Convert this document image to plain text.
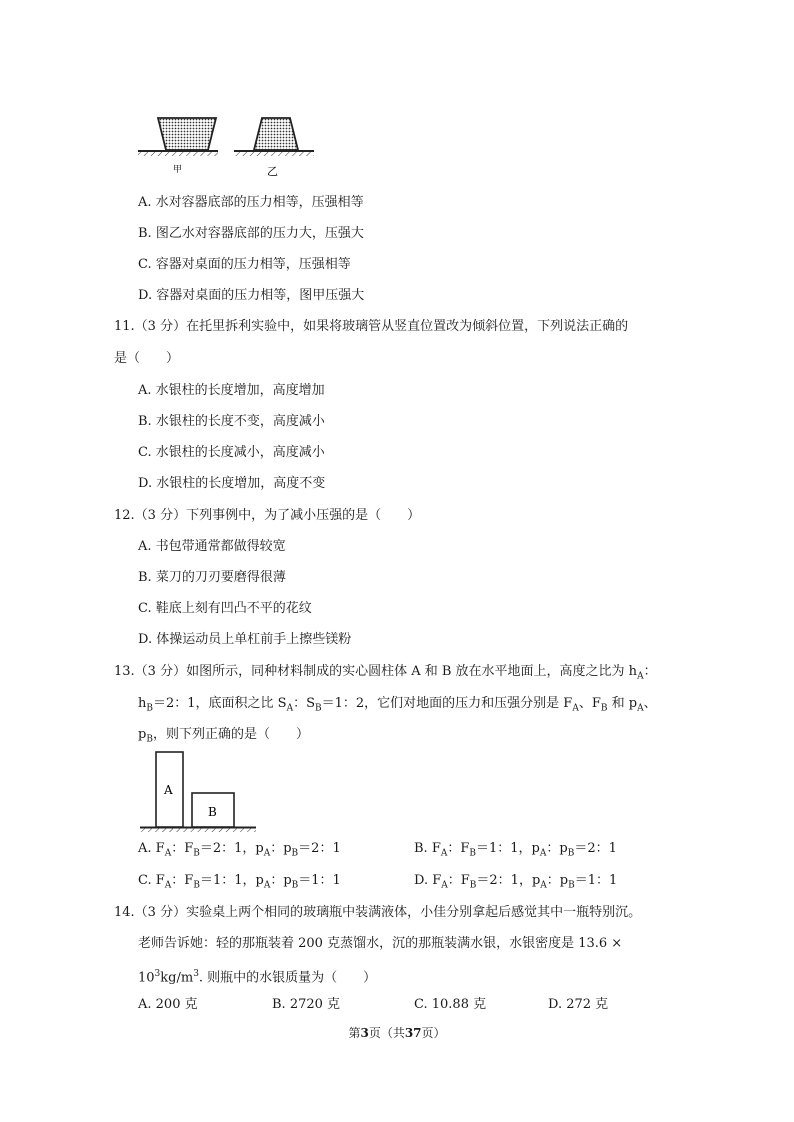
甲	乙
A. 水对容器底部的压力相等，压强相等
B. 图乙水对容器底部的压力大，压强大
C. 容器对桌面的压力相等，压强相等
D. 容器对桌面的压力相等，图甲压强大
11.（3 分）在托里拆利实验中，如果将玻璃管从竖直位置改为倾斜位置，下列说法正确的
是（　　）
A. 水银柱的长度增加，高度增加
B. 水银柱的长度不变，高度减小
C. 水银柱的长度减小，高度减小
D. 水银柱的长度增加，高度不变
12.（3 分）下列事例中，为了减小压强的是（　　）
A. 书包带通常都做得较宽
B. 菜刀的刀刃要磨得很薄
C. 鞋底上刻有凹凸不平的花纹
D. 体操运动员上单杠前手上擦些镁粉
13.（3 分）如图所示，同种材料制成的实心圆柱体 A 和 B 放在水平地面上，高度之比为 $h_A$：
$h_B=2$：1，底面积之比 $S_A$：$S_B=1$：2，它们对地面的压力和压强分别是 $F_A$、$F_B$ 和 $p_A$、
$p_B$，则下列正确的是（　　）
A
B
A. $F_A$：$F_B=2$：1，$p_A$：$p_B=2$：1	B. $F_A$：$F_B=1$：1，$p_A$：$p_B=2$：1
C. $F_A$：$F_B=1$：1，$p_A$：$p_B=1$：1	D. $F_A$：$F_B=2$：1，$p_A$：$p_B=1$：1
14.（3 分）实验桌上两个相同的玻璃瓶中装满液体，小佳分别拿起后感觉其中一瓶特别沉。
老师告诉她：轻的那瓶装着 200 克蒸馏水，沉的那瓶装满水银，水银密度是 13.6 ×
$10^3kg/m^3$. 则瓶中的水银质量为（　　）
A. 200 克	B. 2720 克	C. 10.88 克	D. 272 克
第3页（共37页）
